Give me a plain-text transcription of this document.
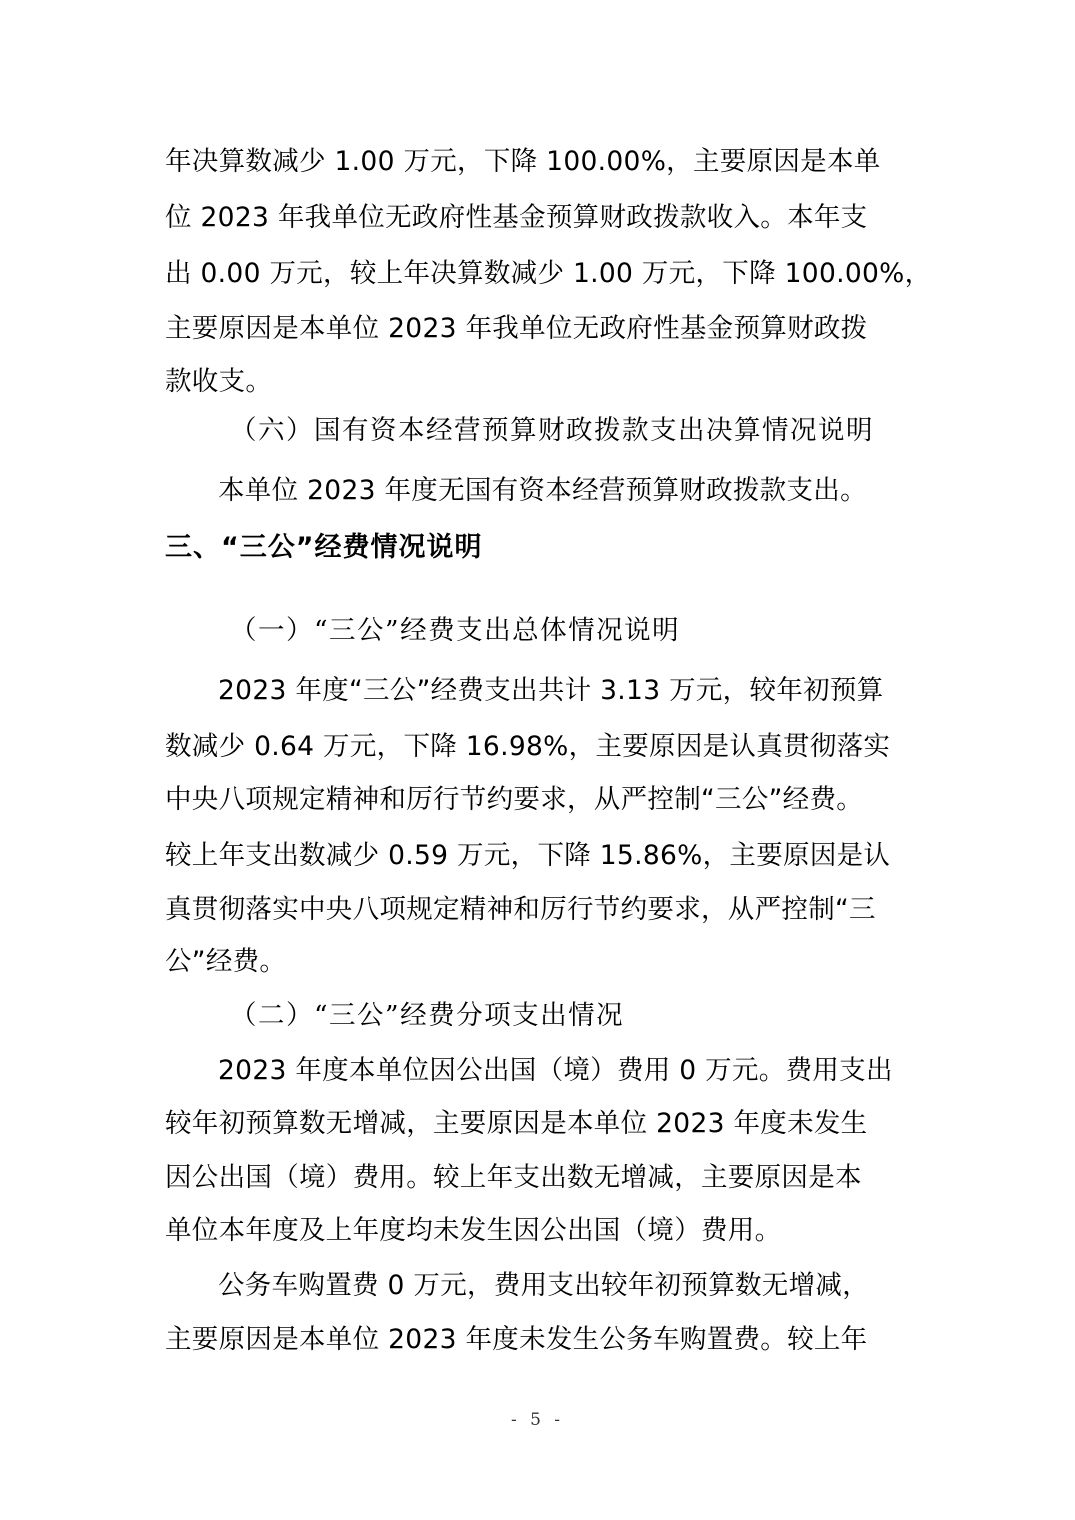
年决算数减少 1.00 万元，下降 100.00%，主要原因是本单
位 2023 年我单位无政府性基金预算财政拨款收入。本年支
出 0.00 万元，较上年决算数减少 1.00 万元，下降 100.00%，
主要原因是本单位 2023 年我单位无政府性基金预算财政拨
款收支。
（六）国有资本经营预算财政拨款支出决算情况说明
本单位 2023 年度无国有资本经营预算财政拨款支出。
三、“三公”经费情况说明
（一）“三公”经费支出总体情况说明
2023 年度“三公”经费支出共计 3.13 万元，较年初预算
数减少 0.64 万元，下降 16.98%，主要原因是认真贯彻落实
中央八项规定精神和厉行节约要求，从严控制“三公”经费。
较上年支出数减少 0.59 万元，下降 15.86%，主要原因是认
真贯彻落实中央八项规定精神和厉行节约要求，从严控制“三
公”经费。
（二）“三公”经费分项支出情况
2023 年度本单位因公出国（境）费用 0 万元。费用支出
较年初预算数无增减，主要原因是本单位 2023 年度未发生
因公出国（境）费用。较上年支出数无增减，主要原因是本
单位本年度及上年度均未发生因公出国（境）费用。
公务车购置费 0 万元，费用支出较年初预算数无增减，
主要原因是本单位 2023 年度未发生公务车购置费。较上年
- 5 -
